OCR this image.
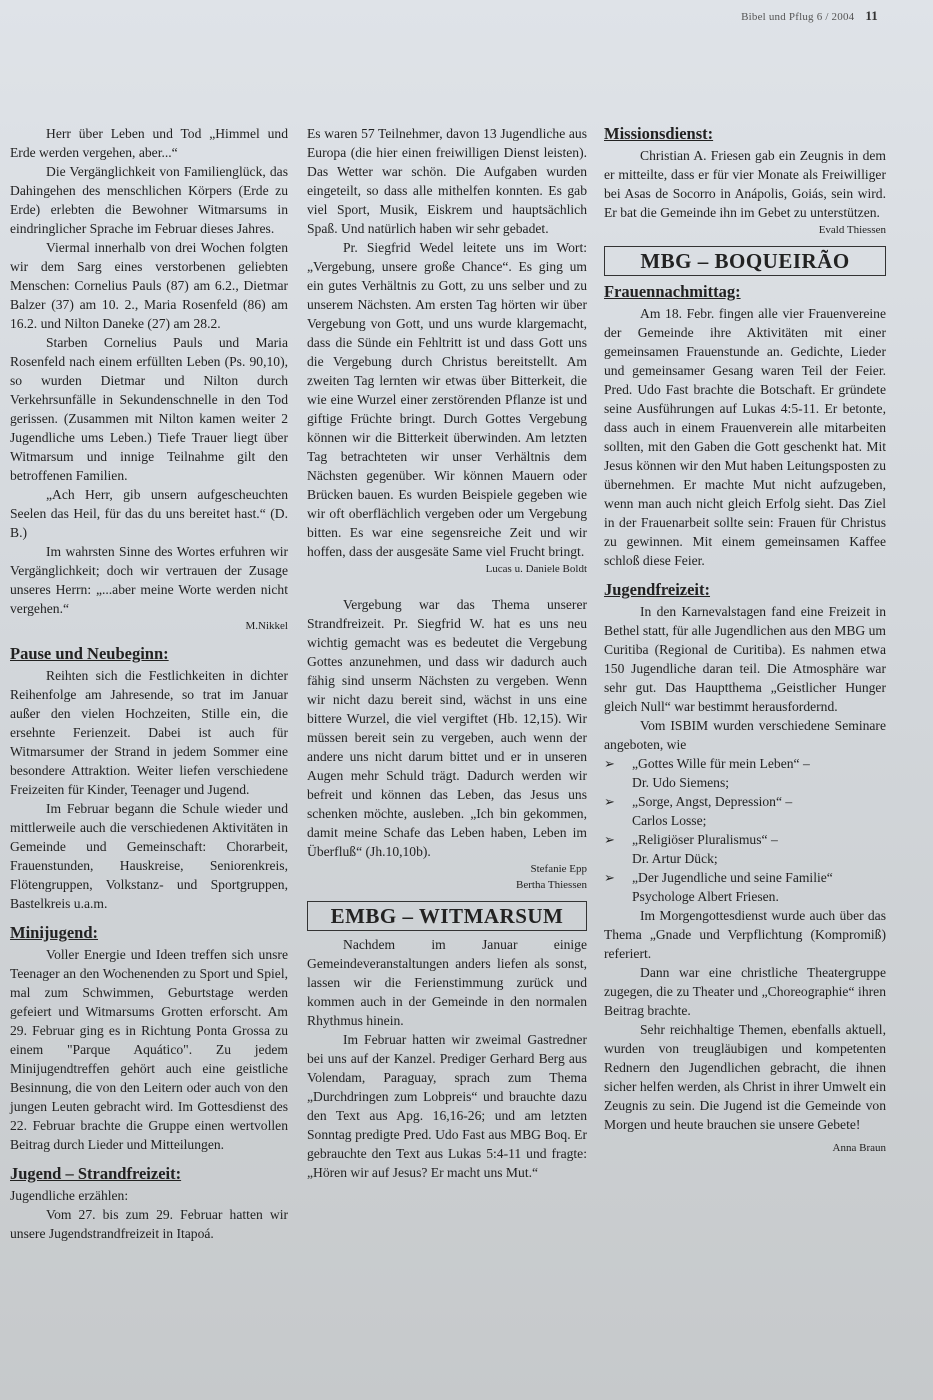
Bibel und Pflug 6 / 2004 11

Herr über Leben und Tod „Himmel und Erde werden vergehen, aber...“

Die Vergänglichkeit von Familienglück, das Dahingehen des menschlichen Körpers (Erde zu Erde) erlebten die Bewohner Witmarsums in eindringlicher Sprache im Februar dieses Jahres.

Viermal innerhalb von drei Wochen folgten wir dem Sarg eines verstorbenen geliebten Menschen: Cornelius Pauls (87) am 6.2., Dietmar Balzer (37) am 10. 2., Maria Rosenfeld (86) am 16.2. und Nilton Daneke (27) am 28.2.

Starben Cornelius Pauls und Maria Rosenfeld nach einem erfüllten Leben (Ps. 90,10), so wurden Dietmar und Nilton durch Verkehrsunfälle in Sekundenschnelle in den Tod gerissen. (Zusammen mit Nilton kamen weiter 2 Jugendliche ums Leben.) Tiefe Trauer liegt über Witmarsum und innige Teilnahme gilt den betroffenen Familien.

„Ach Herr, gib unsern aufgescheuchten Seelen das Heil, für das du uns bereitet hast.“ (D. B.)

Im wahrsten Sinne des Wortes erfuhren wir Vergänglichkeit; doch wir vertrauen der Zusage unseres Herrn: „...aber meine Worte werden nicht vergehen.“

M.Nikkel
Pause und Neubeginn:

Reihten sich die Festlichkeiten in dichter Reihenfolge am Jahresende, so trat im Januar außer den vielen Hochzeiten, Stille ein, die ersehnte Ferienzeit. Dabei ist auch für Witmarsumer der Strand in jedem Sommer eine besondere Attraktion. Weiter liefen verschiedene Freizeiten für Kinder, Teenager und Jugend.

Im Februar begann die Schule wieder und mittlerweile auch die verschiedenen Aktivitäten in Gemeinde und Gemeinschaft: Chorarbeit, Frauenstunden, Hauskreise, Seniorenkreis, Flötengruppen, Volkstanz- und Sportgruppen, Bastelkreis u.a.m.

Minijugend:

Voller Energie und Ideen treffen sich unsre Teenager an den Wochenenden zu Sport und Spiel, mal zum Schwimmen, Geburtstage werden gefeiert und Witmarsums Grotten erforscht. Am 29. Februar ging es in Richtung Ponta Grossa zu einem "Parque Aquático". Zu jedem Minijugendtreffen gehört auch eine geistliche Besinnung, die von den Leitern oder auch von den jungen Leuten gebracht wird. Im Gottesdienst des 22. Februar brachte die Gruppe einen wertvollen Beitrag durch Lieder und Mitteilungen.

Jugend – Strandfreizeit:

Jugendliche erzählen:

Vom 27. bis zum 29. Februar hatten wir unsere Jugendstrandfreizeit in Itapoá.

Es waren 57 Teilnehmer, davon 13 Jugendliche aus Europa (die hier einen freiwilligen Dienst leisten). Das Wetter war schön. Die Aufgaben wurden eingeteilt, so dass alle mithelfen konnten. Es gab viel Sport, Musik, Eiskrem und hauptsächlich Spaß. Und natürlich haben wir sehr gebadet.

Pr. Siegfrid Wedel leitete uns im Wort: „Vergebung, unsere große Chance“. Es ging um ein gutes Verhältnis zu Gott, zu uns selber und zu unserem Nächsten. Am ersten Tag hörten wir über Vergebung von Gott, und uns wurde klargemacht, dass die Sünde ein Fehltritt ist und dass Gott uns die Vergebung durch Christus bereitstellt. Am zweiten Tag lernten wir etwas über Bitterkeit, die wie eine Wurzel einer zerstörenden Pflanze ist und giftige Früchte bringt. Durch Gottes Vergebung können wir die Bitterkeit überwinden. Am letzten Tag betrachteten wir unser Verhältnis dem Nächsten gegenüber. Wir können Mauern oder Brücken bauen. Es wurden Beispiele gegeben wie wir oft oberflächlich vergeben oder um Vergebung bitten. Es war eine segensreiche Zeit und wir hoffen, dass der ausgesäte Same viel Frucht bringt.

Lucas u. Daniele Boldt

Vergebung war das Thema unserer Strandfreizeit. Pr. Siegfrid W. hat es uns neu wichtig gemacht was es bedeutet die Vergebung Gottes anzunehmen, und dass wir dadurch auch fähig sind unserm Nächsten zu vergeben. Wenn wir nicht dazu bereit sind, wächst in uns eine bittere Wurzel, die viel vergiftet (Hb. 12,15). Wir müssen bereit sein zu vergeben, auch wenn der andere uns nicht darum bittet und er in unseren Augen mehr Schuld trägt. Dadurch werden wir befreit und können das Leben, das Jesus uns schenken möchte, ausleben. „Ich bin gekommen, damit meine Schafe das Leben haben, Leben im Überfluß“ (Jh.10,10b).

Stefanie Epp
Bertha Thiessen
EMBG – WITMARSUM

Nachdem im Januar einige Gemeindeveranstaltungen anders liefen als sonst, lassen wir die Ferienstimmung zurück und kommen auch in der Gemeinde in den normalen Rhythmus hinein.

Im Februar hatten wir zweimal Gastredner bei uns auf der Kanzel. Prediger Gerhard Berg aus Volendam, Paraguay, sprach zum Thema „Durchdringen zum Lobpreis“ und brauchte dazu den Text aus Apg. 16,16-26; und am letzten Sonntag predigte Pred. Udo Fast aus MBG Boq. Er gebrauchte den Text aus Lukas 5:4-11 und fragte: „Hören wir auf Jesus? Er macht uns Mut.“

Missionsdienst:

Christian A. Friesen gab ein Zeugnis in dem er mitteilte, dass er für vier Monate als Freiwilliger bei Asas de Socorro in Anápolis, Goiás, sein wird. Er bat die Gemeinde ihn im Gebet zu unterstützen.

Evald Thiessen
MBG – BOQUEIRÃO
Frauennachmittag:

Am 18. Febr. fingen alle vier Frauenvereine der Gemeinde ihre Aktivitäten mit einer gemeinsamen Frauenstunde an. Gedichte, Lieder und gemeinsamer Gesang waren Teil der Feier. Pred. Udo Fast brachte die Botschaft. Er gründete seine Ausführungen auf Lukas 4:5-11. Er betonte, dass auch in einem Frauenverein alle mitarbeiten sollten, mit den Gaben die Gott geschenkt hat. Mit Jesus können wir den Mut haben Leitungsposten zu übernehmen. Er machte Mut nicht aufzugeben, wenn man auch nicht gleich Erfolg sieht. Das Ziel in der Frauenarbeit sollte sein: Frauen für Christus zu gewinnen. Mit einem gemeinsamen Kaffee schloß diese Feier.

Jugendfreizeit:

In den Karnevalstagen fand eine Freizeit in Bethel statt, für alle Jugendlichen aus den MBG um Curitiba (Regional de Curitiba). Es nahmen etwa 150 Jugendliche daran teil. Die Atmosphäre war sehr gut. Das Hauptthema „Geistlicher Hunger gleich Null“ war bestimmt herausfordernd.

Vom ISBIM wurden verschiedene Seminare angeboten, wie

➢ „Gottes Wille für mein Leben“ –
Dr. Udo Siemens;
➢ „Sorge, Angst, Depression“ –
Carlos Losse;
➢ „Religiöser Pluralismus“ –
Dr. Artur Dück;
➢ „Der Jugendliche und seine Familie“
Psychologe Albert Friesen.

Im Morgengottesdienst wurde auch über das Thema „Gnade und Verpflichtung (Kompromiß) referiert.

Dann war eine christliche Theatergruppe zugegen, die zu Theater und „Choreographie“ ihren Beitrag brachte.

Sehr reichhaltige Themen, ebenfalls aktuell, wurden von treugläubigen und kompetenten Rednern den Jugendlichen gebracht, die ihnen sicher helfen werden, als Christ in ihrer Umwelt ein Zeugnis zu sein. Die Jugend ist die Gemeinde von Morgen und heute brauchen sie unsere Gebete!

Anna Braun
